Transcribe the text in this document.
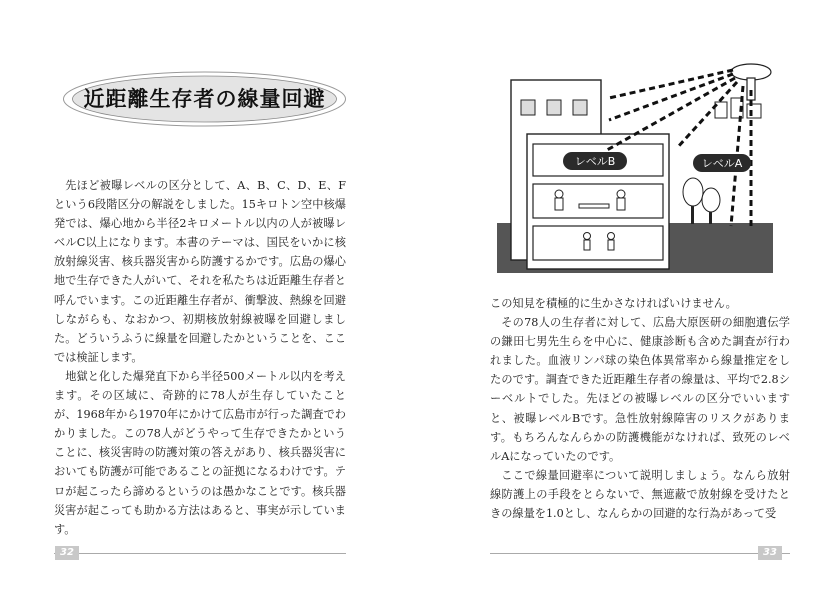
近距離生存者の線量回避

先ほど被曝レベルの区分として、A、B、C、D、E、Fという6段階区分の解説をしました。15キロトン空中核爆発では、爆心地から半径2キロメートル以内の人が被曝レベルC以上になります。本書のテーマは、国民をいかに核放射線災害、核兵器災害から防護するかです。広島の爆心地で生存できた人がいて、それを私たちは近距離生存者と呼んでいます。この近距離生存者が、衝撃波、熱線を回避しながらも、なおかつ、初期核放射線被曝を回避しました。どういうふうに線量を回避したかということを、ここでは検証します。

地獄と化した爆発直下から半径500メートル以内を考えます。その区域に、奇跡的に78人が生存していたことが、1968年から1970年にかけて広島市が行った調査でわかりました。この78人がどうやって生存できたかということに、核災害時の防護対策の答えがあり、核兵器災害においても防護が可能であることの証拠になるわけです。テロが起こったら諦めるというのは愚かなことです。核兵器災害が起こっても助かる方法はあると、事実が示しています。

32
レベルB	レベルA

この知見を積極的に生かさなければいけません。

その78人の生存者に対して、広島大原医研の細胞遺伝学の鎌田七男先生らを中心に、健康診断も含めた調査が行われました。血液リンパ球の染色体異常率から線量推定をしたのです。調査できた近距離生存者の線量は、平均で2.8シーベルトでした。先ほどの被曝レベルの区分でいいますと、被曝レベルBです。急性放射線障害のリスクがあります。もちろんなんらかの防護機能がなければ、致死のレベルAになっていたのです。

ここで線量回避率について説明しましょう。なんら放射線防護上の手段をとらないで、無遮蔽で放射線を受けたときの線量を1.0とし、なんらかの回避的な行為があって受

33
